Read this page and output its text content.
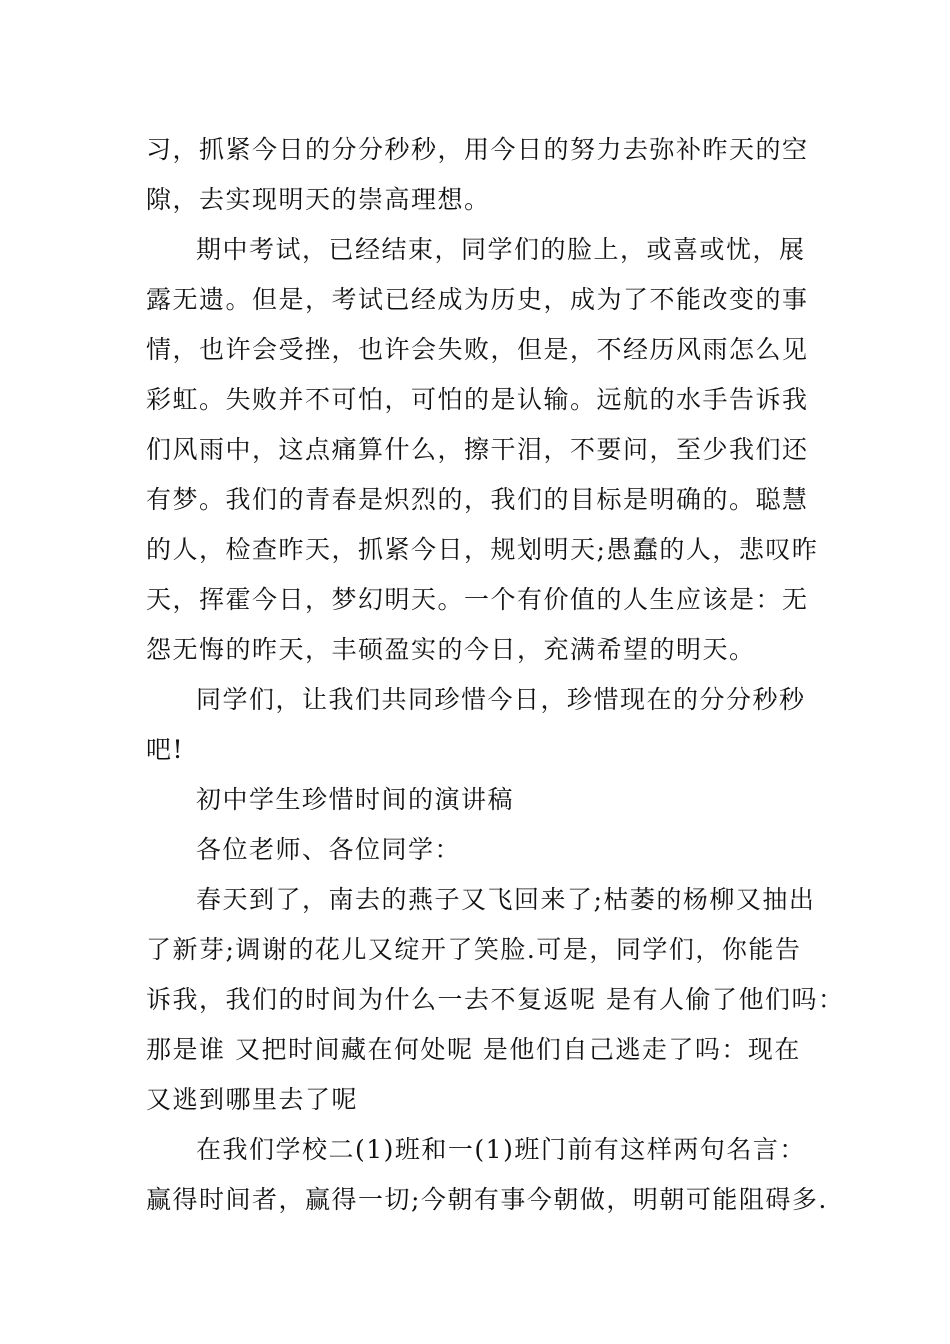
习，抓紧今日的分分秒秒，用今日的努力去弥补昨天的空
隙，去实现明天的崇高理想。
期中考试，已经结束，同学们的脸上，或喜或忧，展
露无遗。但是，考试已经成为历史，成为了不能改变的事
情，也许会受挫，也许会失败，但是，不经历风雨怎么见
彩虹。失败并不可怕，可怕的是认输。远航的水手告诉我
们风雨中，这点痛算什么，擦干泪，不要问，至少我们还
有梦。我们的青春是炽烈的，我们的目标是明确的。聪慧
的人，检查昨天，抓紧今日，规划明天;愚蠢的人，悲叹昨
天，挥霍今日，梦幻明天。一个有价值的人生应该是：无
怨无悔的昨天，丰硕盈实的今日，充满希望的明天。
同学们，让我们共同珍惜今日，珍惜现在的分分秒秒
吧!
初中学生珍惜时间的演讲稿
各位老师、各位同学：
春天到了，南去的燕子又飞回来了;枯萎的杨柳又抽出
了新芽;调谢的花儿又绽开了笑脸.可是，同学们，你能告
诉我，我们的时间为什么一去不复返呢 是有人偷了他们吗：
那是谁 又把时间藏在何处呢 是他们自己逃走了吗：现在
又逃到哪里去了呢
在我们学校二(1)班和一(1)班门前有这样两句名言：
赢得时间者，赢得一切;今朝有事今朝做，明朝可能阻碍多.
